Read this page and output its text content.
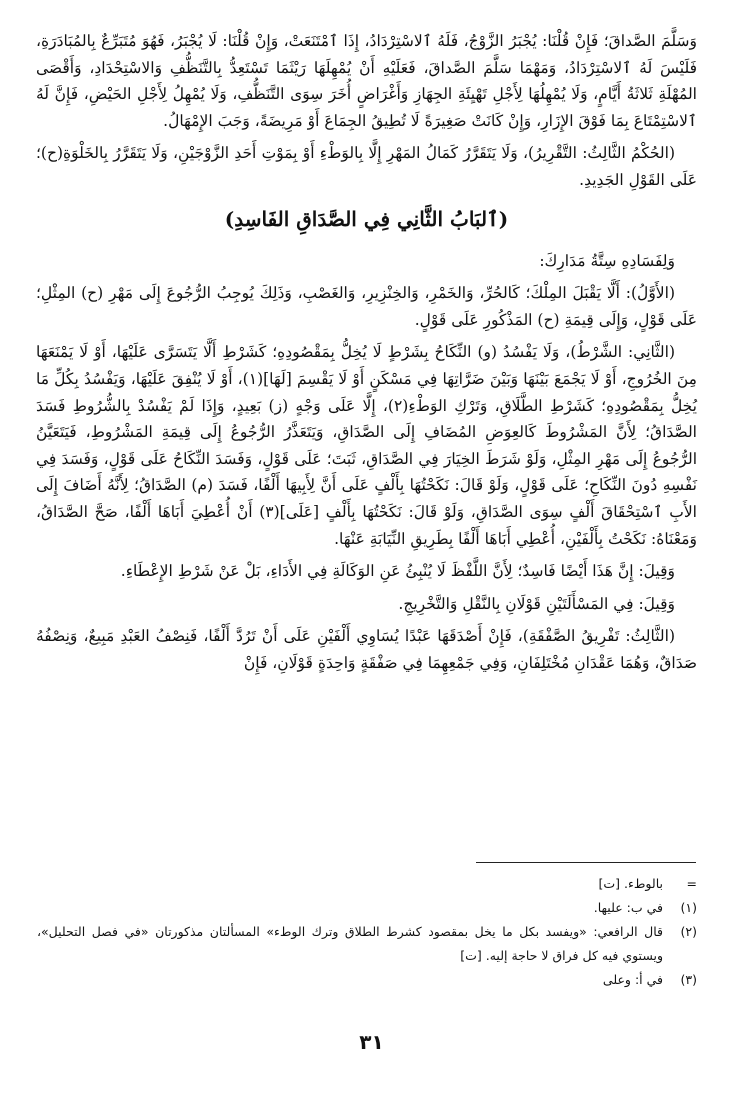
وَسَلَّمَ الصَّداقَ؛ فَإِنْ قُلْنَا: يُجْبَرُ الزَّوْجُ، فَلَهُ ٱلاسْتِرْدَادُ، إِذَا ٱمْتَنَعَتْ، وَإِنْ قُلْنَا: لَا يُجْبَرُ، فَهُوَ مُتَبَرِّعٌ بِالمُبَادَرَةِ، فَلَيْسَ لَهُ ٱلاسْتِرْدَادُ، وَمَهْمَا سَلَّمَ الصَّداقَ، فَعَلَيْهِ أَنْ يُمْهِلَهَا رَيْثَمَا تَسْتَعِدُّ بِالتَّنَظُّفِ وَالاسْتِحْدَادِ، وَأَقْصَى المُهْلَةِ ثَلاثَةُ أَيَّامٍ، وَلَا يُمْهِلُهَا لِأَجْلِ تَهْيِئَةِ الجِهَازِ وَأَغْرَاضٍ أُخَرَ سِوَى التَّنَظُّفِ، وَلَا يُمْهِلُ لِأَجْلِ الحَيْضِ، فَإِنَّ لَهُ ٱلاسْتِمْتَاعَ بِمَا فَوْقَ الإِزَارِ، وَإِنْ كَانَتْ صَغِيرَةً لَا تُطِيقُ الجِمَاعَ أَوْ مَرِيضَةً، وَجَبَ الإِمْهَالُ.

(الحُكْمُ الثَّالِثُ: التَّقْرِيرُ)، وَلَا يَتَقَرَّرُ كَمَالُ المَهْرِ إِلَّا بِالوَطْءِ أَوْ بِمَوْتِ أَحَدِ الزَّوْجَيْنِ، وَلَا يَتَقَرَّرُ بِالخَلْوَةِ(ح)؛ عَلَى القَوْلِ الجَدِيدِ.

(ٱلبَابُ الثَّانِي فِي الصَّدَاقِ الفَاسِدِ)

وَلِفَسَادِهِ سِتَّةُ مَدَارِكَ:

(الأَوَّلُ): أَلَّا يَقْبَلَ المِلْكَ؛ كَالحُرِّ، وَالخَمْرِ، وَالخِنْزِيرِ، وَالغَصْبِ، وَذَلِكَ يُوجِبُ الرُّجُوعَ إِلَى مَهْرِ (ح) المِثْلِ؛ عَلَى قَوْلٍ، وَإِلَى قِيمَةِ (ح) المَذْكُورِ عَلَى قَوْلٍ.

(الثَّانِي: الشَّرْطُ)، وَلَا يَفْسُدُ (و) النِّكَاحُ بِشَرْطٍ لَا يُخِلُّ بِمَقْصُودِهِ؛ كَشَرْطِ أَلَّا يَتَسَرَّى عَلَيْهَا، أَوْ لَا يَمْنَعَهَا مِنَ الخُرُوجِ، أَوْ لَا يَجْمَعَ بَيْنَهَا وَبَيْنَ ضَرَّاتِهَا فِي مَسْكَنٍ أَوْ لَا يَقْسِمَ [لَهَا](١)، أَوْ لَا يُنْفِقَ عَلَيْهَا، وَيَفْسُدُ بِكُلِّ مَا يُخِلُّ بِمَقْصُودِهِ؛ كَشَرْطِ الطَّلَاقِ، وَتَرْكِ الوَطْءِ(٢)، إِلَّا عَلَى وَجْهٍ (ز) بَعِيدٍ، وَإِذَا لَمْ يَفْسُدْ بِالشُّرُوطِ فَسَدَ الصَّدَاقُ؛ لِأَنَّ المَشْرُوطَ كَالعِوَضِ المُضَافِ إِلَى الصَّدَاقِ، وَيَتَعَذَّرُ الرُّجُوعُ إِلَى قِيمَةِ المَشْرُوطِ، فَيَتَعَيَّنُ الرُّجُوعُ إِلَى مَهْرِ المِثْلِ، وَلَوْ شَرَطَ الخِيَارَ فِي الصَّدَاقِ، ثَبَتَ؛ عَلَى قَوْلٍ، وَفَسَدَ النِّكَاحُ عَلَى قَوْلٍ، وَفَسَدَ فِي نَفْسِهِ دُونَ النِّكَاحِ؛ عَلَى قَوْلٍ، وَلَوْ قَالَ: نَكَحْتُهَا بِأَلْفٍ عَلَى أَنَّ لِأَبِيهَا أَلْفًا، فَسَدَ (م) الصَّدَاقُ؛ لِأَنَّهُ أَضَافَ إِلَى الأَبِ ٱسْتِحْقَاقَ أَلْفٍ سِوَى الصَّدَاقِ، وَلَوْ قَالَ: نَكَحْتُهَا بِأَلْفٍ [عَلَى](٣) أَنْ أُعْطِيَ أَبَاهَا أَلْفًا، صَحَّ الصَّدَاقُ، وَمَعْنَاهُ: نَكَحْتُ بِأَلْفَيْنِ، أُعْطِي أَبَاهَا أَلْفًا بِطَرِيقِ النِّيَابَةِ عَنْهَا.

وَقِيلَ: إِنَّ هَذَا أَيْضًا فَاسِدٌ؛ لِأَنَّ اللَّفْظَ لَا يُنْبِئُ عَنِ الوَكَالَةِ فِي الأَدَاءِ، بَلْ عَنْ شَرْطِ الإِعْطَاءِ.

وَقِيلَ: فِي المَسْأَلَتَيْنِ قَوْلَانِ بِالنَّقْلِ وَالتَّخْرِيجِ.

(الثَّالِثُ: تَفْرِيقُ الصَّفْقَةِ)، فَإِنْ أَصْدَقَهَا عَبْدًا يُسَاوِي أَلْفَيْنِ عَلَى أَنْ تَرُدَّ أَلْفًا، فَنِصْفُ العَبْدِ مَبِيعٌ، وَنِصْفُهُ صَدَاقٌ، وَهُمَا عَقْدَانِ مُخْتَلِفَانِ، وَفِي جَمْعِهِمَا فِي صَفْقَةٍ وَاحِدَةٍ قَوْلَانِ، فَإِنْ

=
بالوطء. [ت]
(١)
في ب: عليها.
(٢)
قال الرافعي: «ويفسد بكل ما يخل بمقصود كشرط الطلاق وترك الوطء» المسألتان مذكورتان «في فصل التحليل»، ويستوي فيه كل فراق لا حاجة إليه. [ت]
(٣)
في أ: وعلى
٣١
